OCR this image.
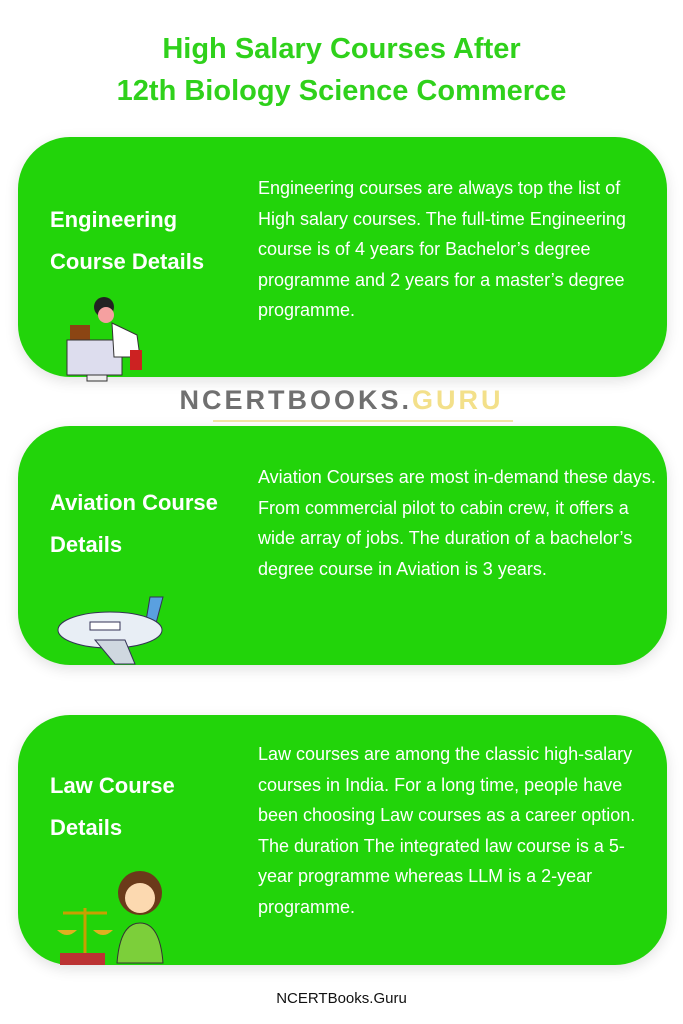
High Salary Courses After
12th Biology Science Commerce
Engineering Course Details
Engineering courses are always top the list of High salary courses. The full-time Engineering course is of 4 years for Bachelor’s degree programme and 2 years for a master’s degree programme.
NCERTBOOKS.GURU
Aviation Course Details
Aviation Courses are most in-demand these days. From commercial pilot to cabin crew, it offers a wide array of jobs. The duration of a bachelor’s degree course in Aviation is 3 years.
Law Course Details
Law courses are among the classic high-salary courses in India. For a long time, people have been choosing Law courses as a career option. The duration The integrated law course is a 5-year programme whereas LLM is a 2-year programme.
NCERTBooks.Guru
